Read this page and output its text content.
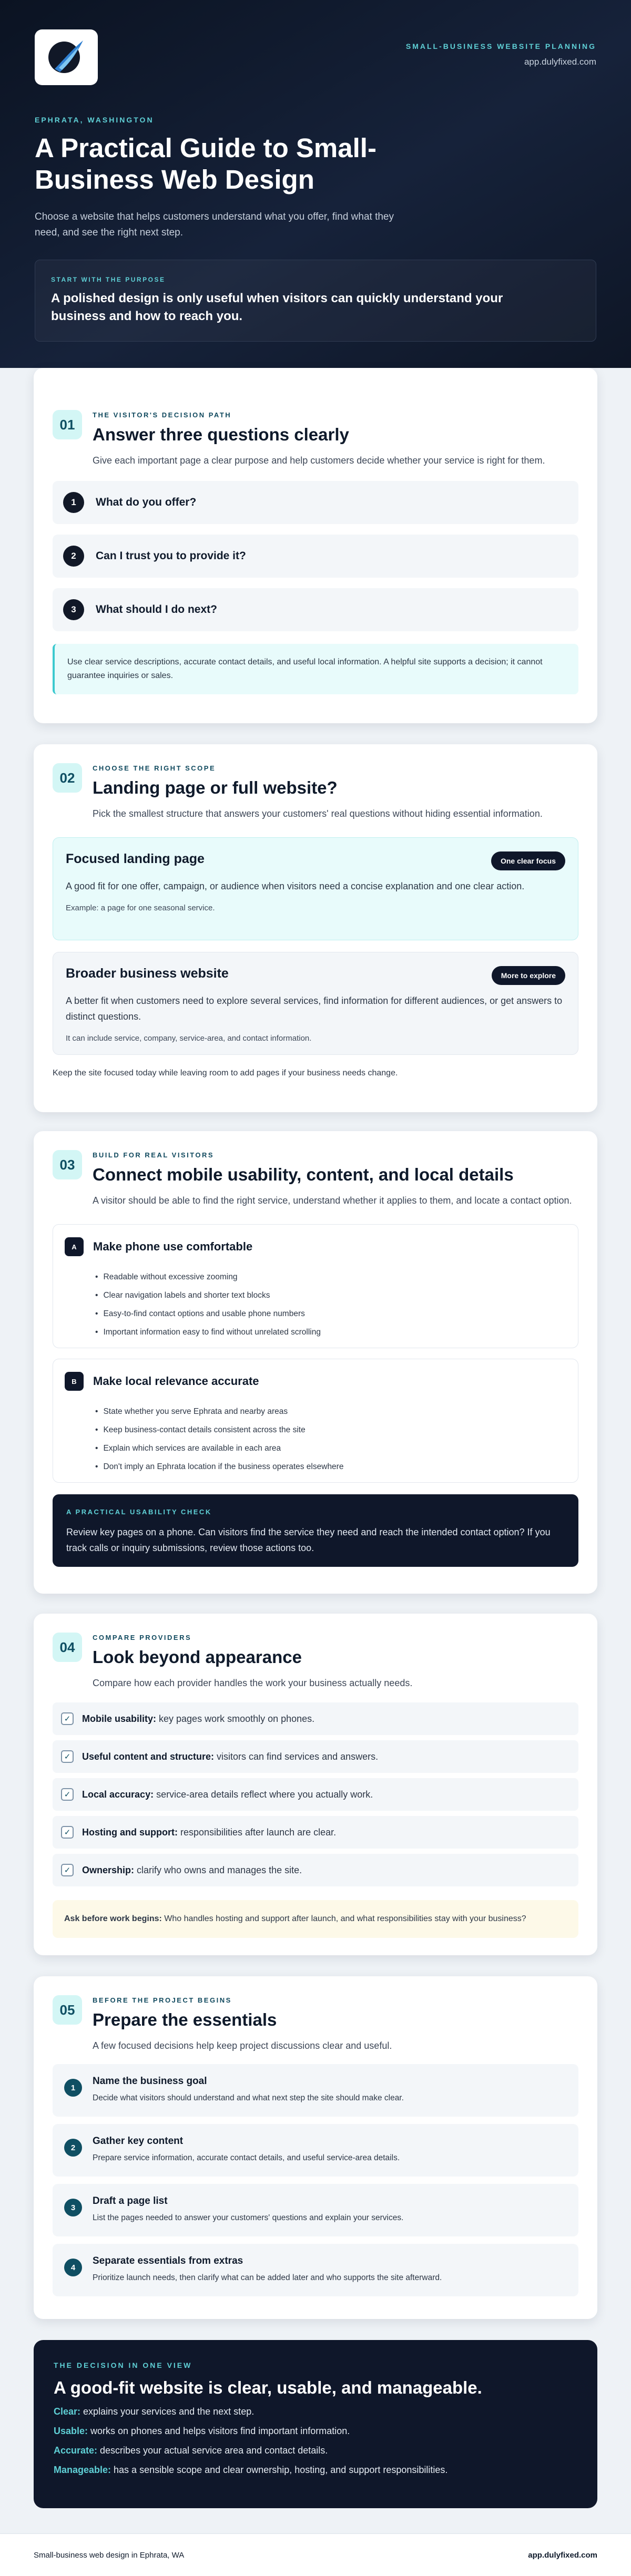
SMALL-BUSINESS WEBSITE PLANNING
app.dulyfixed.com
EPHRATA, WASHINGTON
A Practical Guide to Small-Business Web Design
Choose a website that helps customers understand what you offer, find what they need, and see the right next step.
START WITH THE PURPOSE
A polished design is only useful when visitors can quickly understand your business and how to reach you.
01
THE VISITOR'S DECISION PATH
Answer three questions clearly
Give each important page a clear purpose and help customers decide whether your service is right for them.
1	What do you offer?
2	Can I trust you to provide it?
3	What should I do next?
Use clear service descriptions, accurate contact details, and useful local information. A helpful site supports a decision; it cannot guarantee inquiries or sales.
02
CHOOSE THE RIGHT SCOPE
Landing page or full website?
Pick the smallest structure that answers your customers' real questions without hiding essential information.
Focused landing page	One clear focus
A good fit for one offer, campaign, or audience when visitors need a concise explanation and one clear action.
Example: a page for one seasonal service.
Broader business website	More to explore
A better fit when customers need to explore several services, find information for different audiences, or get answers to distinct questions.
It can include service, company, service-area, and contact information.
Keep the site focused today while leaving room to add pages if your business needs change.
03
BUILD FOR REAL VISITORS
Connect mobile usability, content, and local details
A visitor should be able to find the right service, understand whether it applies to them, and locate a contact option.
A	Make phone use comfortable
• Readable without excessive zooming
• Clear navigation labels and shorter text blocks
• Easy-to-find contact options and usable phone numbers
• Important information easy to find without unrelated scrolling
B	Make local relevance accurate
• State whether you serve Ephrata and nearby areas
• Keep business-contact details consistent across the site
• Explain which services are available in each area
• Don't imply an Ephrata location if the business operates elsewhere
A PRACTICAL USABILITY CHECK
Review key pages on a phone. Can visitors find the service they need and reach the intended contact option? If you track calls or inquiry submissions, review those actions too.
04
COMPARE PROVIDERS
Look beyond appearance
Compare how each provider handles the work your business actually needs.
✓	Mobile usability: key pages work smoothly on phones.
✓	Useful content and structure: visitors can find services and answers.
✓	Local accuracy: service-area details reflect where you actually work.
✓	Hosting and support: responsibilities after launch are clear.
✓	Ownership: clarify who owns and manages the site.
Ask before work begins: Who handles hosting and support after launch, and what responsibilities stay with your business?
05
BEFORE THE PROJECT BEGINS
Prepare the essentials
A few focused decisions help keep project discussions clear and useful.
1
Name the business goal
Decide what visitors should understand and what next step the site should make clear.
2
Gather key content
Prepare service information, accurate contact details, and useful service-area details.
3
Draft a page list
List the pages needed to answer your customers' questions and explain your services.
4
Separate essentials from extras
Prioritize launch needs, then clarify what can be added later and who supports the site afterward.
THE DECISION IN ONE VIEW
A good-fit website is clear, usable, and manageable.
Clear: explains your services and the next step.
Usable: works on phones and helps visitors find important information.
Accurate: describes your actual service area and contact details.
Manageable: has a sensible scope and clear ownership, hosting, and support responsibilities.
Small-business web design in Ephrata, WA	app.dulyfixed.com
